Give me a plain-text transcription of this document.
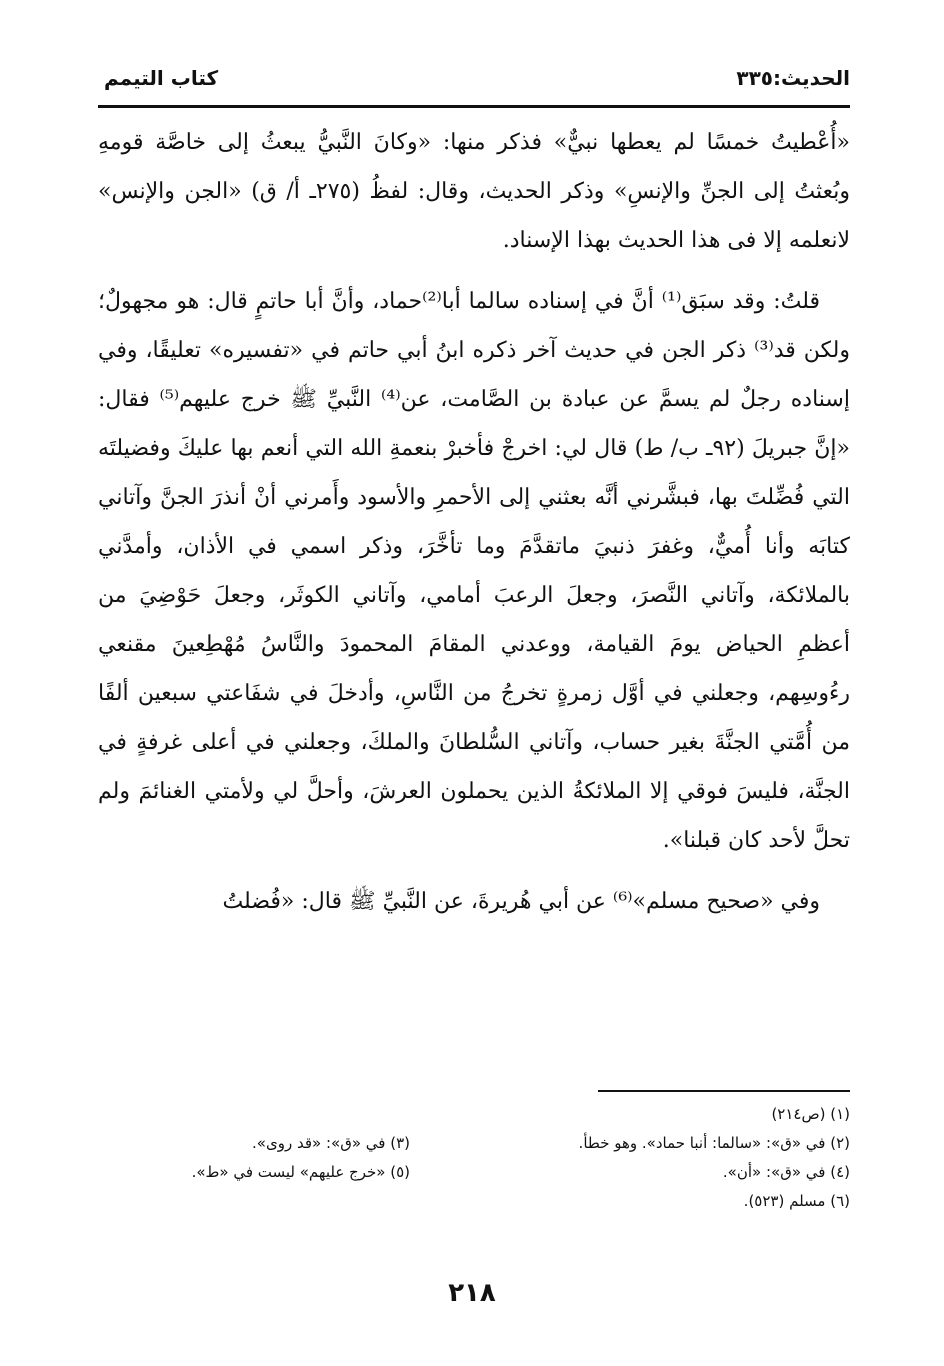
الحديث:٣٣٥
كتاب التيمم

«أُعْطيتُ خمسًا لم يعطها نبيٌّ» فذكر منها: «وكانَ النَّبيُّ يبعثُ إلى خاصَّة قومهِ وبُعثتُ إلى الجنِّ والإنسِ» وذكر الحديث، وقال: لفظُ (٢٧٥ـ أ/ ق) «الجن والإنس» لانعلمه إلا فى هذا الحديث بهذا الإسناد.

قلتُ: وقد سبَق⁽¹⁾ أنَّ في إسناده سالما أبا⁽²⁾حماد، وأنَّ أبا حاتمٍ قال: هو مجهولٌ؛ ولكن قد⁽³⁾ ذكر الجن في حديث آخر ذكره ابنُ أبي حاتم في «تفسيره» تعليقًا، وفي إسناده رجلٌ لم يسمَّ عن عبادة بن الصَّامت، عن⁽⁴⁾ النَّبيِّ ﷺ خرج عليهم⁽⁵⁾ فقال: «إنَّ جبريلَ (٩٢ـ ب/ ط) قال لي: اخرجْ فأخبرْ بنعمةِ الله التي أنعم بها عليكَ وفضيلتَه التي فُضِّلتَ بها، فبشَّرني أنَّه بعثني إلى الأحمرِ والأسود وأَمرني أنْ أنذرَ الجنَّ وآتاني كتابَه وأنا أُميٌّ، وغفرَ ذنبيَ ماتقدَّمَ وما تأخَّرَ، وذكر اسمي في الأذان، وأمدَّني بالملائكة، وآتاني النَّصرَ، وجعلَ الرعبَ أمامي، وآتاني الكوثَر، وجعلَ حَوْضِيَ من أعظمِ الحياض يومَ القيامة، ووعدني المقامَ المحمودَ والنَّاسُ مُهْطِعينَ مقنعي رءُوسِهم، وجعلني في أوَّل زمرةٍ تخرجُ من النَّاسِ، وأدخلَ في شفَاعتي سبعين ألفًا من أُمَّتي الجنَّةَ بغير حساب، وآتاني السُّلطانَ والملكَ، وجعلني في أعلى غرفةٍ في الجنَّة، فليسَ فوقي إلا الملائكةُ الذين يحملون العرشَ، وأحلَّ لي ولأمتي الغنائمَ ولم تحلَّ لأحد كان قبلنا».

وفي «صحيح مسلم»⁽⁶⁾ عن أبي هُريرةَ، عن النَّبيِّ ﷺ قال: «فُضلتُ

(١) (ص٢١٤)
(٢) في «ق»: «سالما: أنبا حماد». وهو خطأ.
(٣) في «ق»: «قد روى».
(٤) في «ق»: «أن».
(٥) «خرج عليهم» ليست في «ط».
(٦) مسلم (٥٢٣).
٢١٨
